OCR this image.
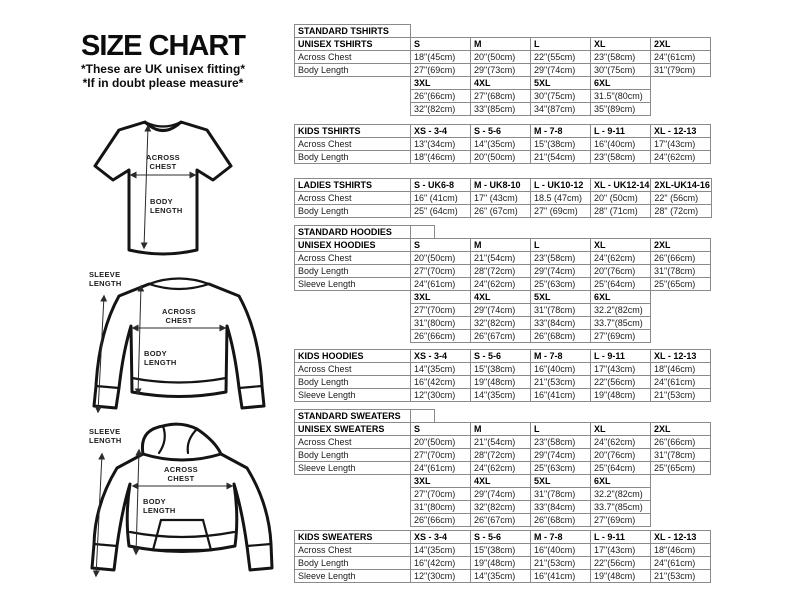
SIZE CHART
*These are UK unisex fitting*
*If in doubt please measure*
ACROSS
CHEST
BODY
LENGTH
SLEEVE
LENGTH
ACROSS
CHEST
BODY
LENGTH
SLEEVE
LENGTH
ACROSS
CHEST
BODY
LENGTH
STANDARD TSHIRTS					
UNISEX TSHIRTS	S	M	L	XL	2XL
Across Chest	18"(45cm)	20"(50cm)	22"(55cm)	23"(58cm)	24"(61cm)
Body Length	27"(69cm)	29"(73cm)	29"(74cm)	30"(75cm)	31"(79cm)
	3XL	4XL	5XL	6XL	
	26"(66cm)	27"(68cm)	30"(75cm)	31.5"(80cm)	
	32"(82cm)	33"(85cm)	34"(87cm)	35"(89cm)	
KIDS TSHIRTS	XS - 3-4	S - 5-6	M - 7-8	L - 9-11	XL - 12-13
Across Chest	13"(34cm)	14"(35cm)	15"(38cm)	16"(40cm)	17"(43cm)
Body Length	18"(46cm)	20"(50cm)	21"(54cm)	23"(58cm)	24"(62cm)
LADIES TSHIRTS	S - UK6-8	M - UK8-10	L - UK10-12	XL - UK12-14	2XL-UK14-16
Across Chest	16" (41cm)	17" (43cm)	18.5 (47cm)	20" (50cm)	22" (56cm)
Body Length	25" (64cm)	26" (67cm)	27" (69cm)	28" (71cm)	28" (72cm)
STANDARD HOODIES					
UNISEX HOODIES	S	M	L	XL	2XL
Across Chest	20"(50cm)	21"(54cm)	23"(58cm)	24"(62cm)	26"(66cm)
Body Length	27"(70cm)	28"(72cm)	29"(74cm)	20"(76cm)	31"(78cm)
Sleeve Length	24"(61cm)	24"(62cm)	25"(63cm)	25"(64cm)	25"(65cm)
	3XL	4XL	5XL	6XL	
	27"(70cm)	29"(74cm)	31"(78cm)	32.2"(82cm)	
	31"(80cm)	32"(82cm)	33"(84cm)	33.7"(85cm)	
	26"(66cm)	26"(67cm)	26"(68cm)	27"(69cm)	
KIDS HOODIES	XS - 3-4	S - 5-6	M - 7-8	L - 9-11	XL - 12-13
Across Chest	14"(35cm)	15"(38cm)	16"(40cm)	17"(43cm)	18"(46cm)
Body Length	16"(42cm)	19"(48cm)	21"(53cm)	22"(56cm)	24"(61cm)
Sleeve Length	12"(30cm)	14"(35cm)	16"(41cm)	19"(48cm)	21"(53cm)
STANDARD SWEATERS					
UNISEX SWEATERS	S	M	L	XL	2XL
Across Chest	20"(50cm)	21"(54cm)	23"(58cm)	24"(62cm)	26"(66cm)
Body Length	27"(70cm)	28"(72cm)	29"(74cm)	20"(76cm)	31"(78cm)
Sleeve Length	24"(61cm)	24"(62cm)	25"(63cm)	25"(64cm)	25"(65cm)
	3XL	4XL	5XL	6XL	
	27"(70cm)	29"(74cm)	31"(78cm)	32.2"(82cm)	
	31"(80cm)	32"(82cm)	33"(84cm)	33.7"(85cm)	
	26"(66cm)	26"(67cm)	26"(68cm)	27"(69cm)	
KIDS SWEATERS	XS - 3-4	S - 5-6	M - 7-8	L - 9-11	XL - 12-13
Across Chest	14"(35cm)	15"(38cm)	16"(40cm)	17"(43cm)	18"(46cm)
Body Length	16"(42cm)	19"(48cm)	21"(53cm)	22"(56cm)	24"(61cm)
Sleeve Length	12"(30cm)	14"(35cm)	16"(41cm)	19"(48cm)	21"(53cm)
